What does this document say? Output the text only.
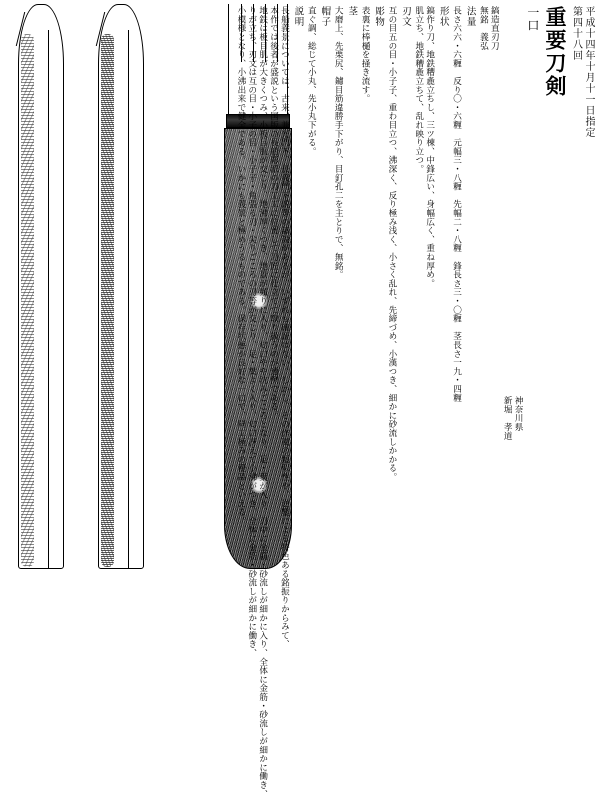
平成十四年十月十一日指定
第四十八回
重要刀剣
一口
神奈川県
新堀　孝道
鎬造直刃刀
無銘　義弘
法量
長さ六六・六糎　反り〇・六糎　元幅三・八糎　先幅二・八糎　鋒長さ三・〇糎　茎長さ一九・四糎
形状
鎬作り刀、地鉄糟麁立ちし、三ツ棟、中鋒広い、身幅広く、重ね厚め。
肌立ち、地鉄糟麁立ちて、乱れ映り立つ。
刃文
互の目五の目・小子子、重わ目立つ、沸深く、反り極み浅く、小さく乱れ、先締づめ、小漢つき、細かに砂流しかかる。
彫物
表裏に棒樋を掻き流す。
茎
大磨上、先栗尻、鑢目筋違勝手下がり、目釘孔二を主とりで、無銘。
帽子
直ぐ調、総じて小丸、先小丸下がる。
説明
長船義景については、古来、兼光門下、長義門下説等の諸説があるが、いずれも確証はない。しかし、その作風の類似性や、逆鏨による特色ある銘振りからみて、
本作では後者が盛説という国版の長船彫派の刀工工に位置して刀匠に仕立てて取り扱うのが通例である。
地鉄は板目肌が大きくつみ、小板目肌が交じり、地沸厚くつき、地景が頻りに入り、匂口やや沈みごころとなり、足・葉が入り、刃中に金筋・砂流しが細かに入り、全体に金筋・砂流しが細かに働き、
りが立ち、刃文は互の目・小子の目・小子子・角張る刃・尖りごころの刃等が交じり、足・葉よく入り、匂口冴えて小沸がつき、全体に金筋・砂流しが細かに働き、
小模様となり、小沸出来で健全である。いかにも義景と極めうるものである。保存状態が良好な一口で、同工極みの優品といえる。
